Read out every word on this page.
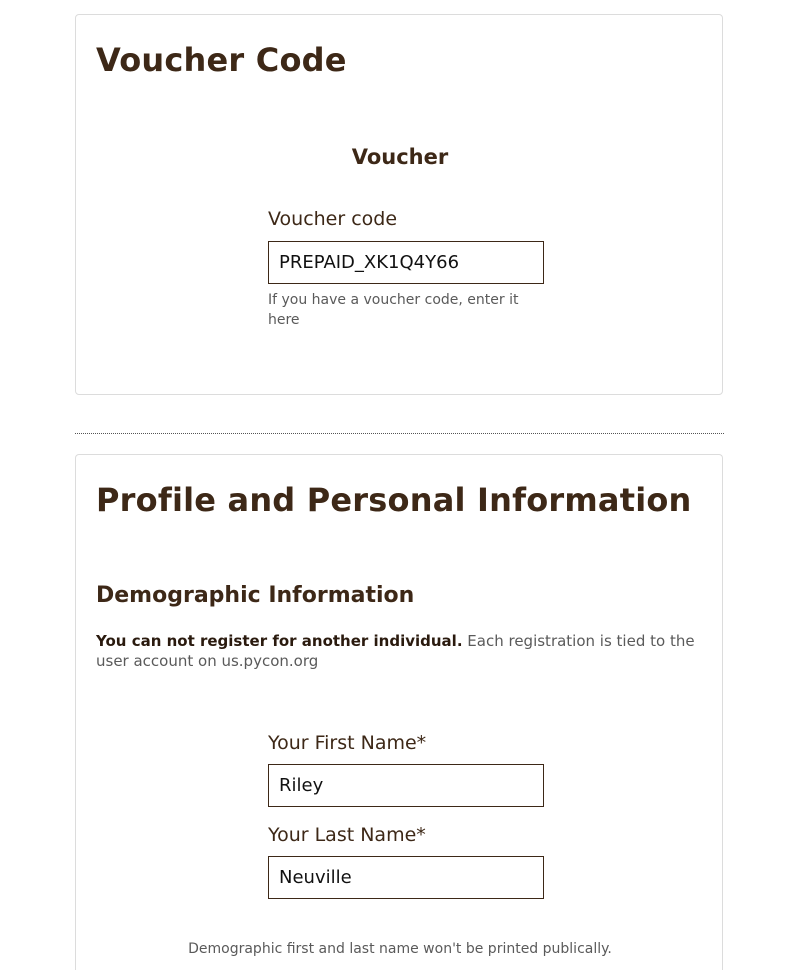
Voucher Code
Voucher
Voucher code
PREPAID_XK1Q4Y66

If you have a voucher code, enter it here

Profile and Personal Information
Demographic Information

You can not register for another individual. Each registration is tied to the user account on us.pycon.org

Your First Name*
Riley
Your Last Name*
Neuville

Demographic first and last name won't be printed publically.
